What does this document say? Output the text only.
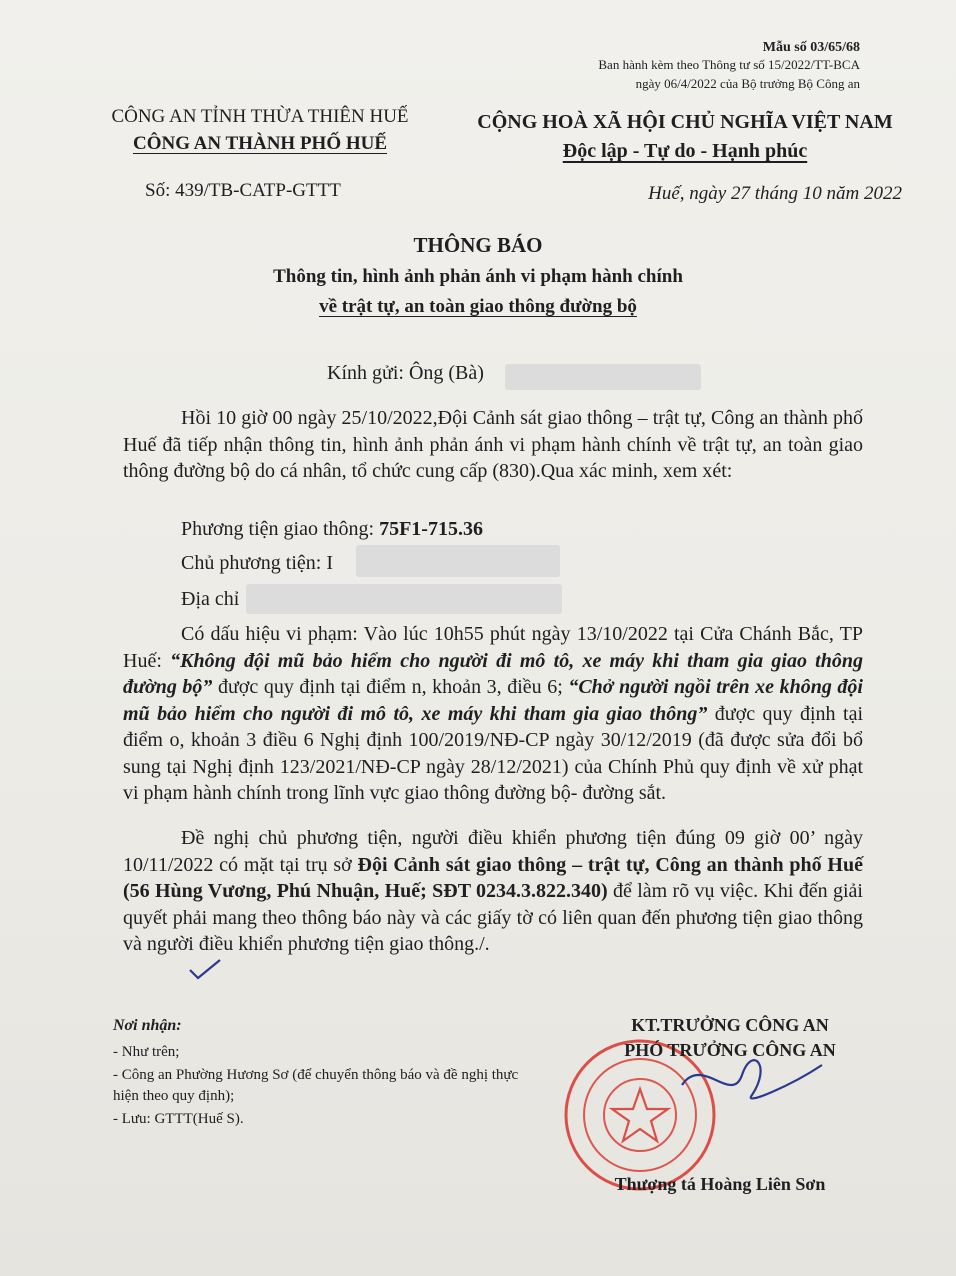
Mẫu số 03/65/68
Ban hành kèm theo Thông tư số 15/2022/TT-BCA
ngày 06/4/2022 của Bộ trưởng Bộ Công an
CÔNG AN TỈNH THỪA THIÊN HUẾ
CÔNG AN THÀNH PHỐ HUẾ
CỘNG HOÀ XÃ HỘI CHỦ NGHĨA VIỆT NAM
Độc lập - Tự do - Hạnh phúc
Số: 439/TB-CATP-GTTT	Huế, ngày 27 tháng 10 năm 2022
THÔNG BÁO
Thông tin, hình ảnh phản ánh vi phạm hành chính
về trật tự, an toàn giao thông đường bộ
Kính gửi: Ông (Bà)
Hồi 10 giờ 00 ngày 25/10/2022,Đội Cảnh sát giao thông – trật tự, Công an thành phố Huế đã tiếp nhận thông tin, hình ảnh phản ánh vi phạm hành chính về trật tự, an toàn giao thông đường bộ do cá nhân, tổ chức cung cấp (830).Qua xác minh, xem xét:
Phương tiện giao thông: 75F1-715.36
Chủ phương tiện: I
Địa chỉ
Có dấu hiệu vi phạm: Vào lúc 10h55 phút ngày 13/10/2022 tại Cửa Chánh Bắc, TP Huế: “Không đội mũ bảo hiểm cho người đi mô tô, xe máy khi tham gia giao thông đường bộ” được quy định tại điểm n, khoản 3, điều 6; “Chở người ngồi trên xe không đội mũ bảo hiểm cho người đi mô tô, xe máy khi tham gia giao thông” được quy định tại điểm o, khoản 3 điều 6 Nghị định 100/2019/NĐ-CP ngày 30/12/2019 (đã được sửa đổi bổ sung tại Nghị định 123/2021/NĐ-CP ngày 28/12/2021) của Chính Phủ quy định về xử phạt vi phạm hành chính trong lĩnh vực giao thông đường bộ- đường sắt.
Đề nghị chủ phương tiện, người điều khiển phương tiện đúng 09 giờ 00’ ngày 10/11/2022 có mặt tại trụ sở Đội Cảnh sát giao thông – trật tự, Công an thành phố Huế (56 Hùng Vương, Phú Nhuận, Huế; SĐT 0234.3.822.340) để làm rõ vụ việc. Khi đến giải quyết phải mang theo thông báo này và các giấy tờ có liên quan đến phương tiện giao thông và người điều khiển phương tiện giao thông./.
Nơi nhận:
- Như trên;
- Công an Phường Hương Sơ (để chuyển thông báo và đề nghị thực hiện theo quy định);
- Lưu: GTTT(Huế S).
KT.TRƯỞNG CÔNG AN
PHÓ TRƯỞNG CÔNG AN
Thượng tá Hoàng Liên Sơn
